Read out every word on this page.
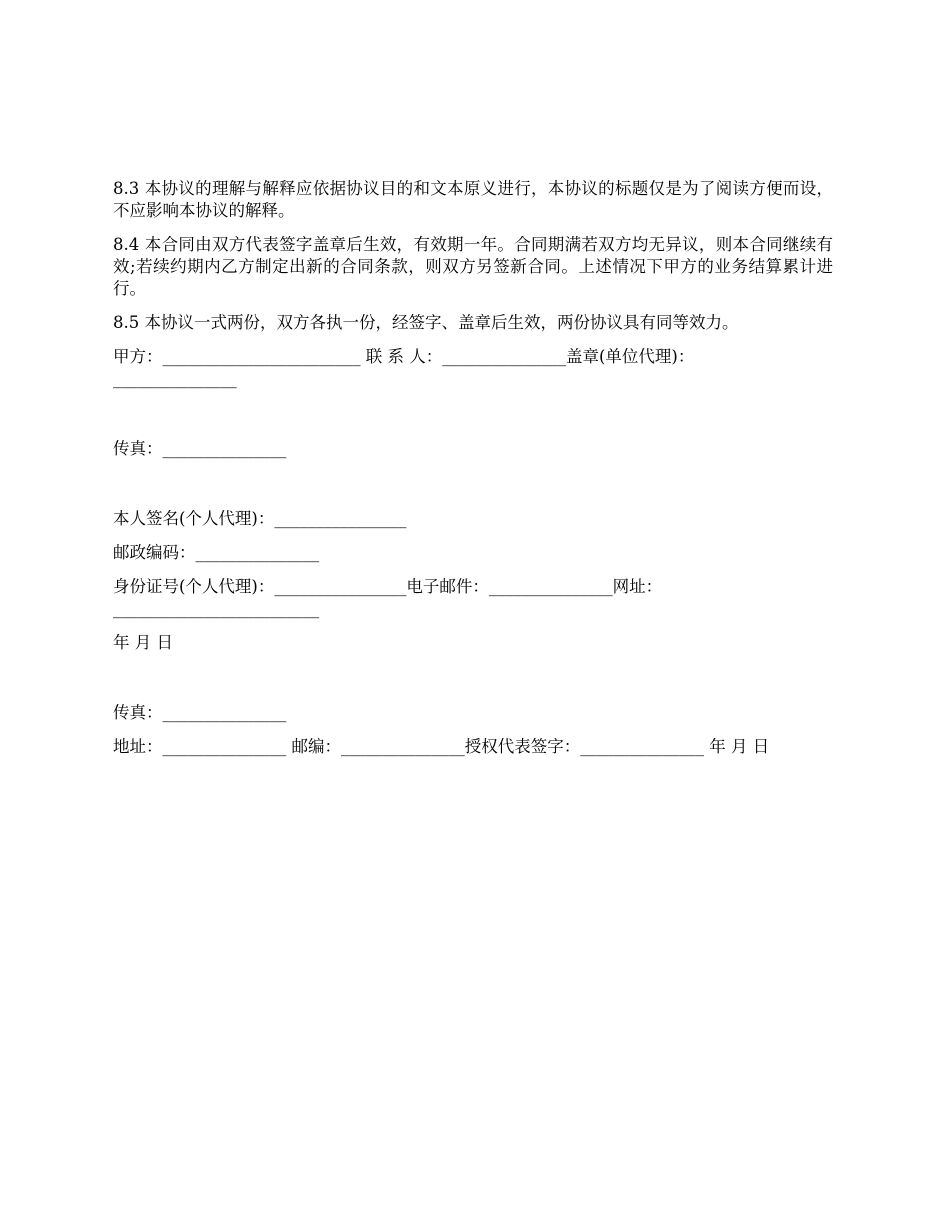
8.3 本协议的理解与解释应依据协议目的和文本原义进行，本协议的标题仅是为了阅读方便而设，不应影响本协议的解释。

8.4 本合同由双方代表签字盖章后生效，有效期一年。合同期满若双方均无异议，则本合同继续有效;若续约期内乙方制定出新的合同条款，则双方另签新合同。上述情况下甲方的业务结算累计进行。

8.5 本协议一式两份，双方各执一份，经签字、盖章后生效，两份协议具有同等效力。

甲方：________________________ 联 系 人：_______________盖章(单位代理)：

_______________

传真：_______________

本人签名(个人代理)：________________

邮政编码：_______________

身份证号(个人代理)：________________电子邮件：_______________网址：

_________________________

年 月 日

传真：_______________

地址：_______________ 邮编：_______________授权代表签字：_______________ 年 月 日
